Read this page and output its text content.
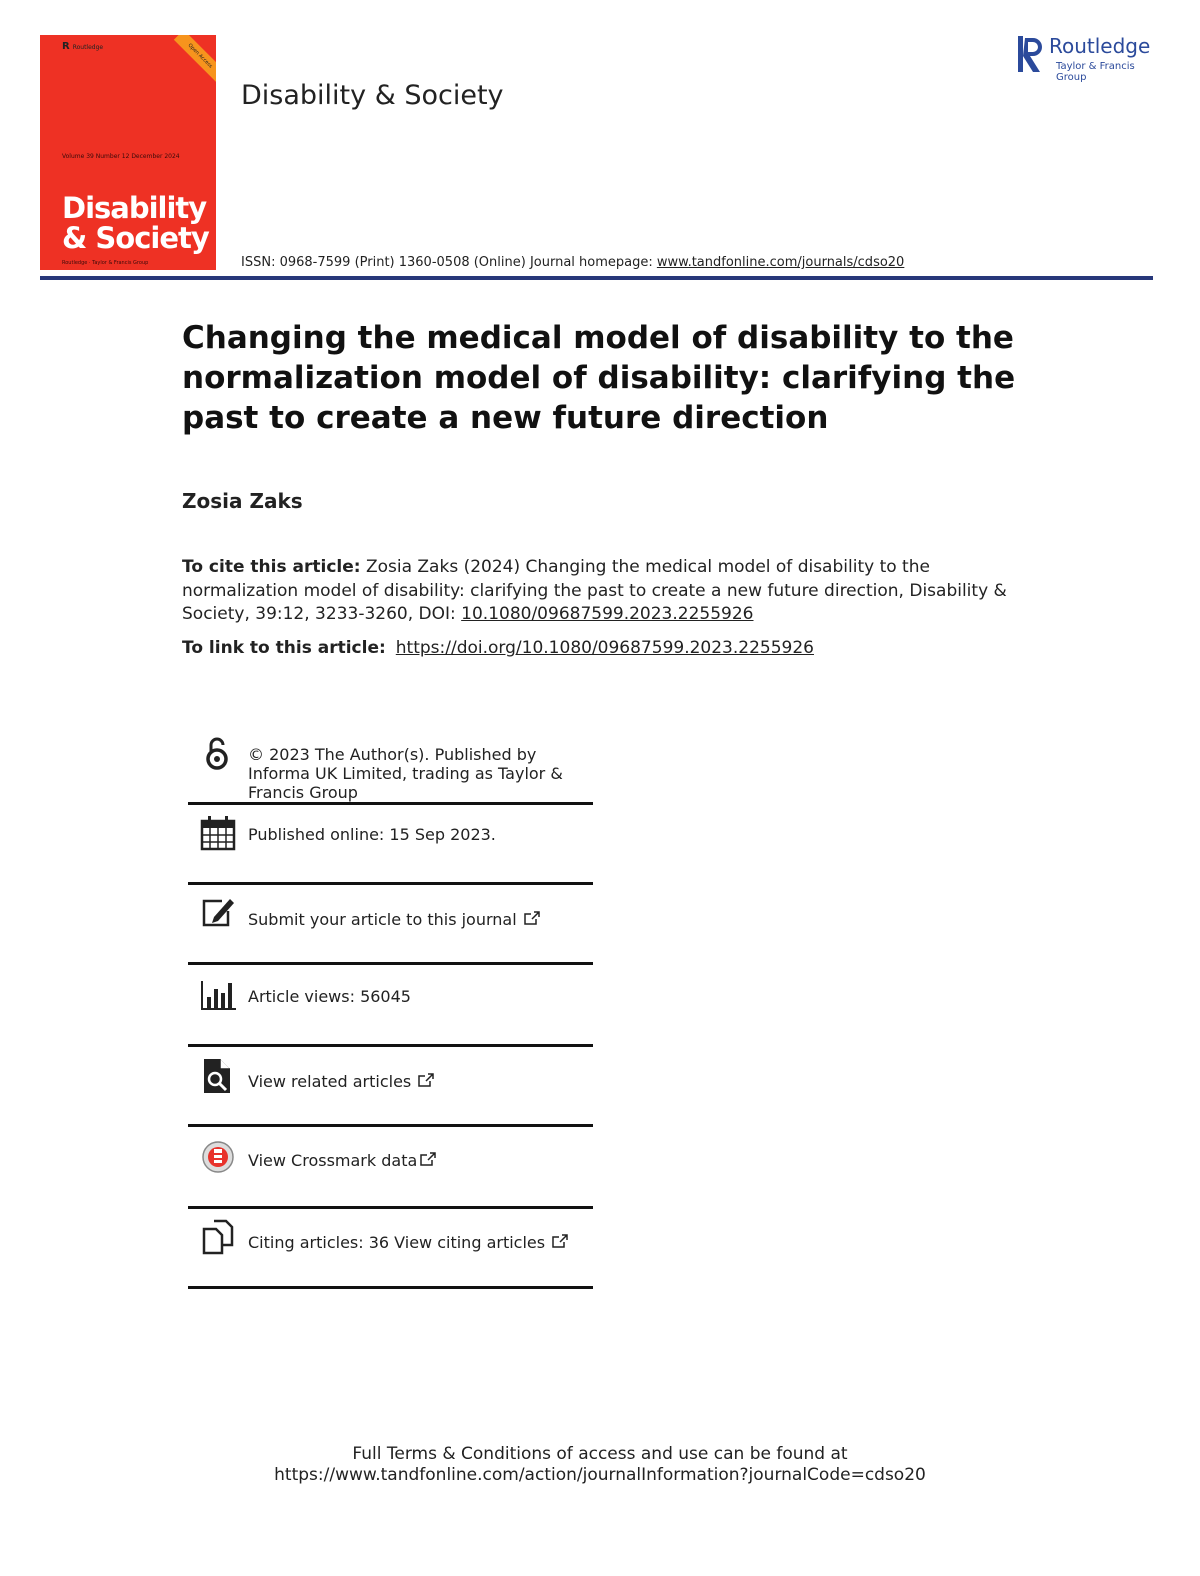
R Routledge	Open Access
Volume 39 Number 12 December 2024
Disability
& Society
Routledge · Taylor & Francis Group
Disability & Society
ISSN: 0968-7599 (Print) 1360-0508 (Online) Journal homepage: www.tandfonline.com/journals/cdso20
Routledge
Taylor & Francis Group
Changing the medical model of disability to the normalization model of disability: clarifying the past to create a new future direction
Zosia Zaks
To cite this article: Zosia Zaks (2024) Changing the medical model of disability to the normalization model of disability: clarifying the past to create a new future direction, Disability & Society, 39:12, 3233-3260, DOI: 10.1080/09687599.2023.2255926
To link to this article: https://doi.org/10.1080/09687599.2023.2255926
© 2023 The Author(s). Published by Informa UK Limited, trading as Taylor & Francis Group
Published online: 15 Sep 2023.
Submit your article to this journal
Article views: 56045
View related articles
View Crossmark data
Citing articles: 36 View citing articles
Full Terms & Conditions of access and use can be found at
https://www.tandfonline.com/action/journalInformation?journalCode=cdso20
